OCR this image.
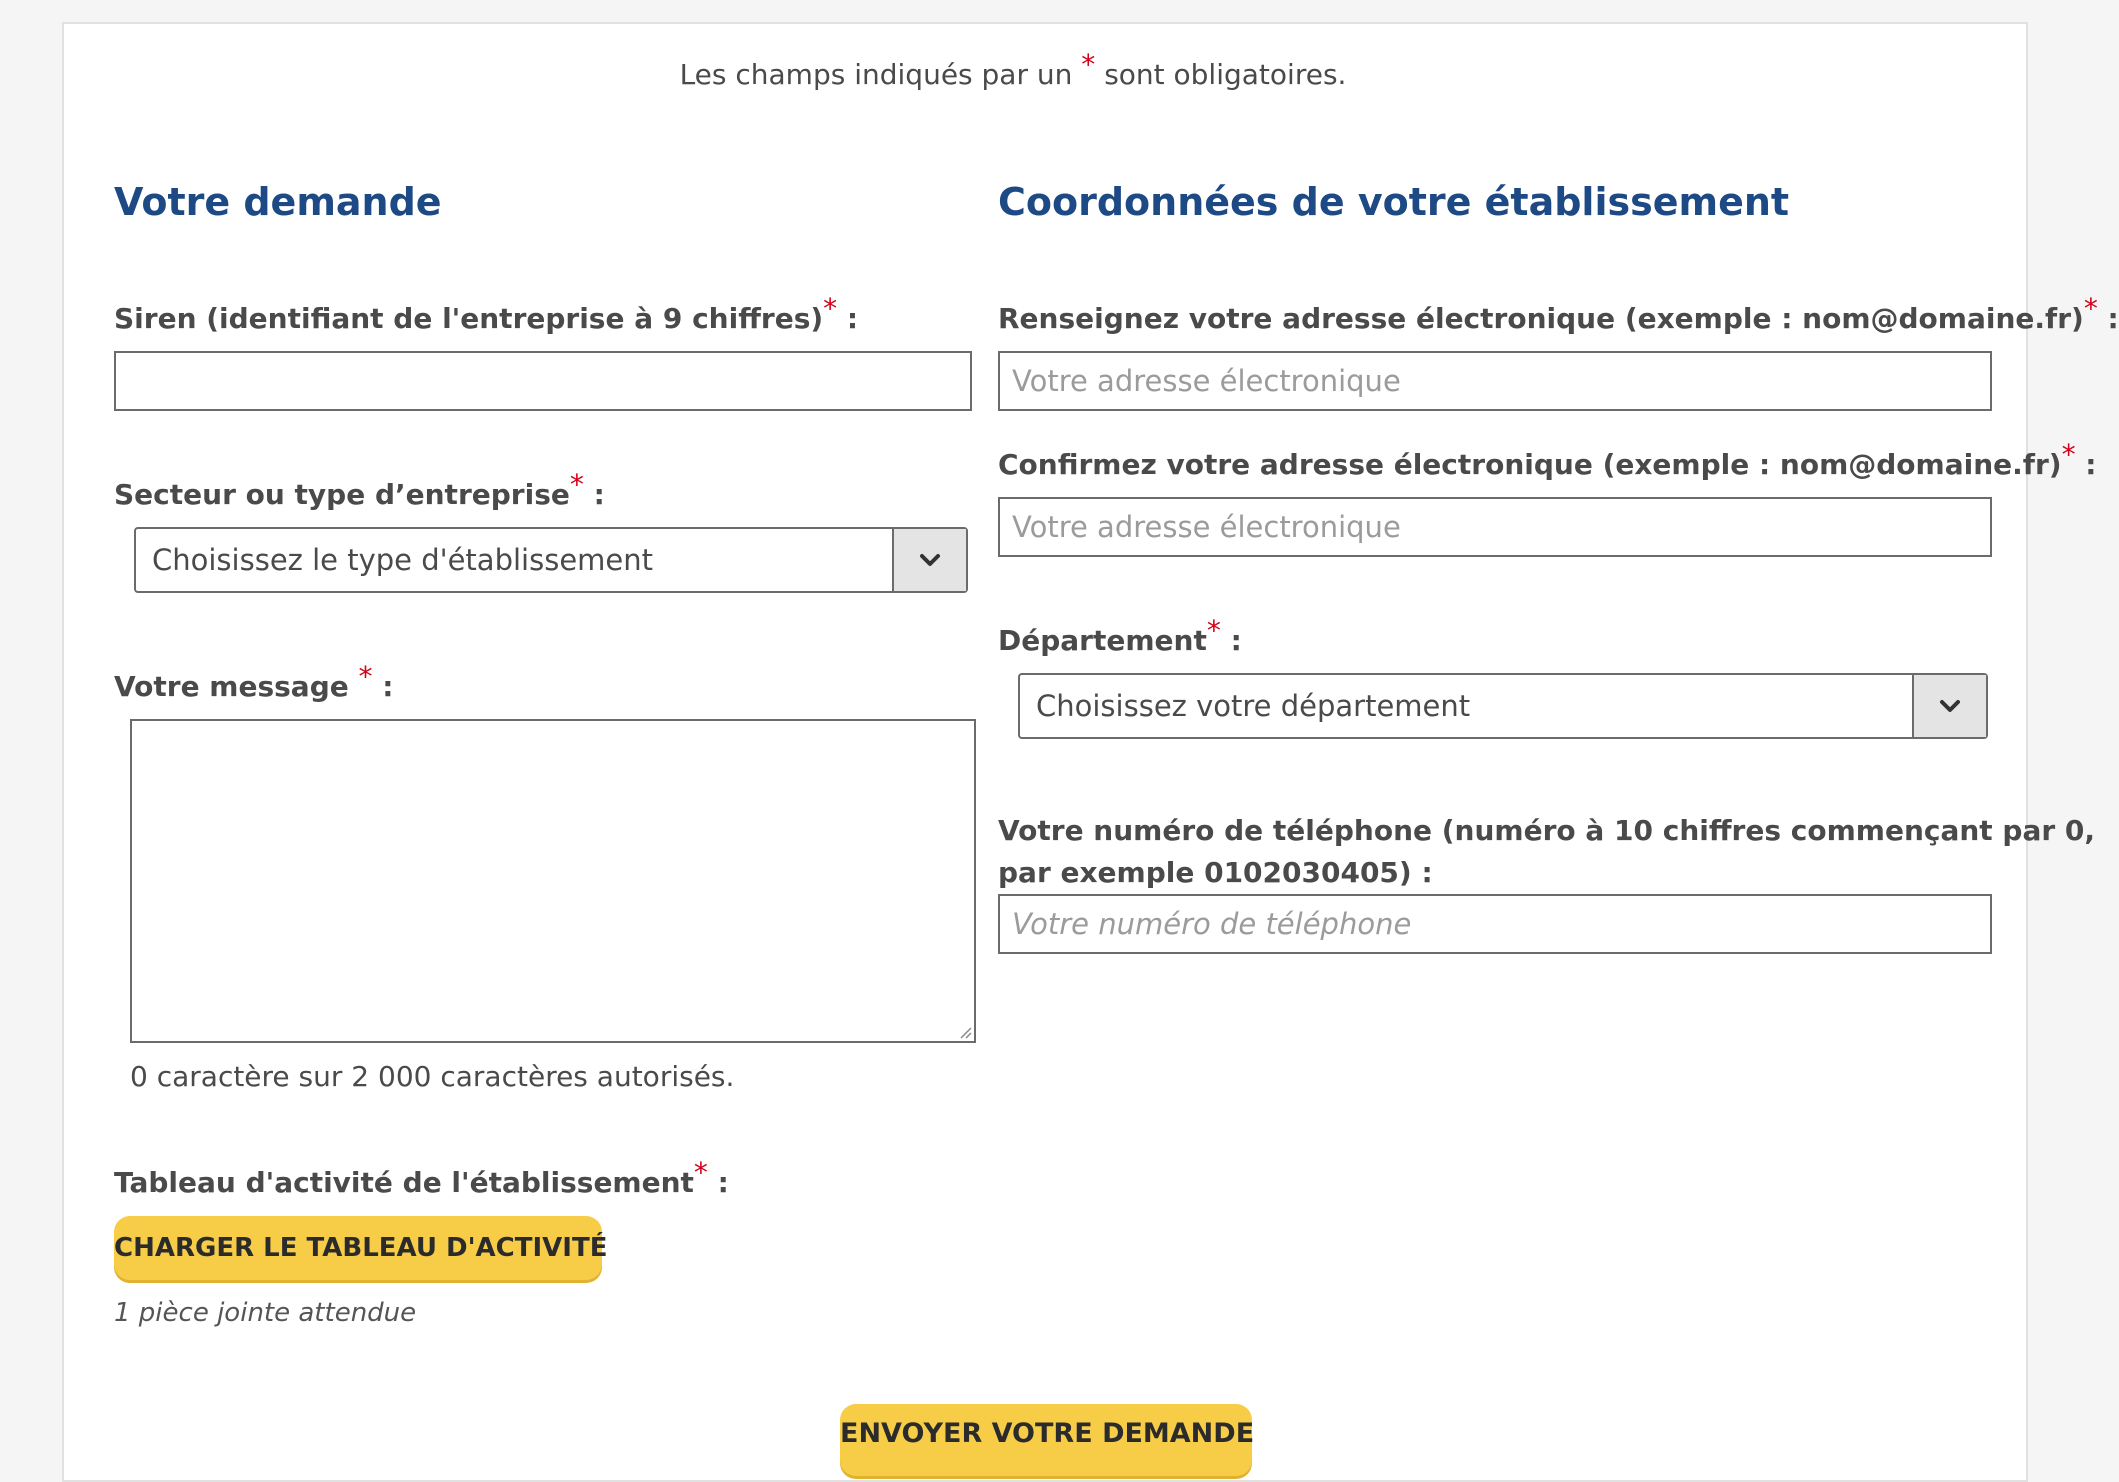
Les champs indiqués par un * sont obligatoires.
Votre demande
Siren (identifiant de l'entreprise à 9 chiffres)* :
Secteur ou type d’entreprise* :
Choisissez le type d'établissement
Votre message * :
0 caractère sur 2 000 caractères autorisés.
Tableau d'activité de l'établissement* :
CHARGER LE TABLEAU D'ACTIVITÉ
1 pièce jointe attendue
Coordonnées de votre établissement
Renseignez votre adresse électronique (exemple : nom@domaine.fr)* :
Votre adresse électronique
Confirmez votre adresse électronique (exemple : nom@domaine.fr)* :
Votre adresse électronique
Département* :
Choisissez votre département
Votre numéro de téléphone (numéro à 10 chiffres commençant par 0,
par exemple 0102030405) :
Votre numéro de téléphone
ENVOYER VOTRE DEMANDE
